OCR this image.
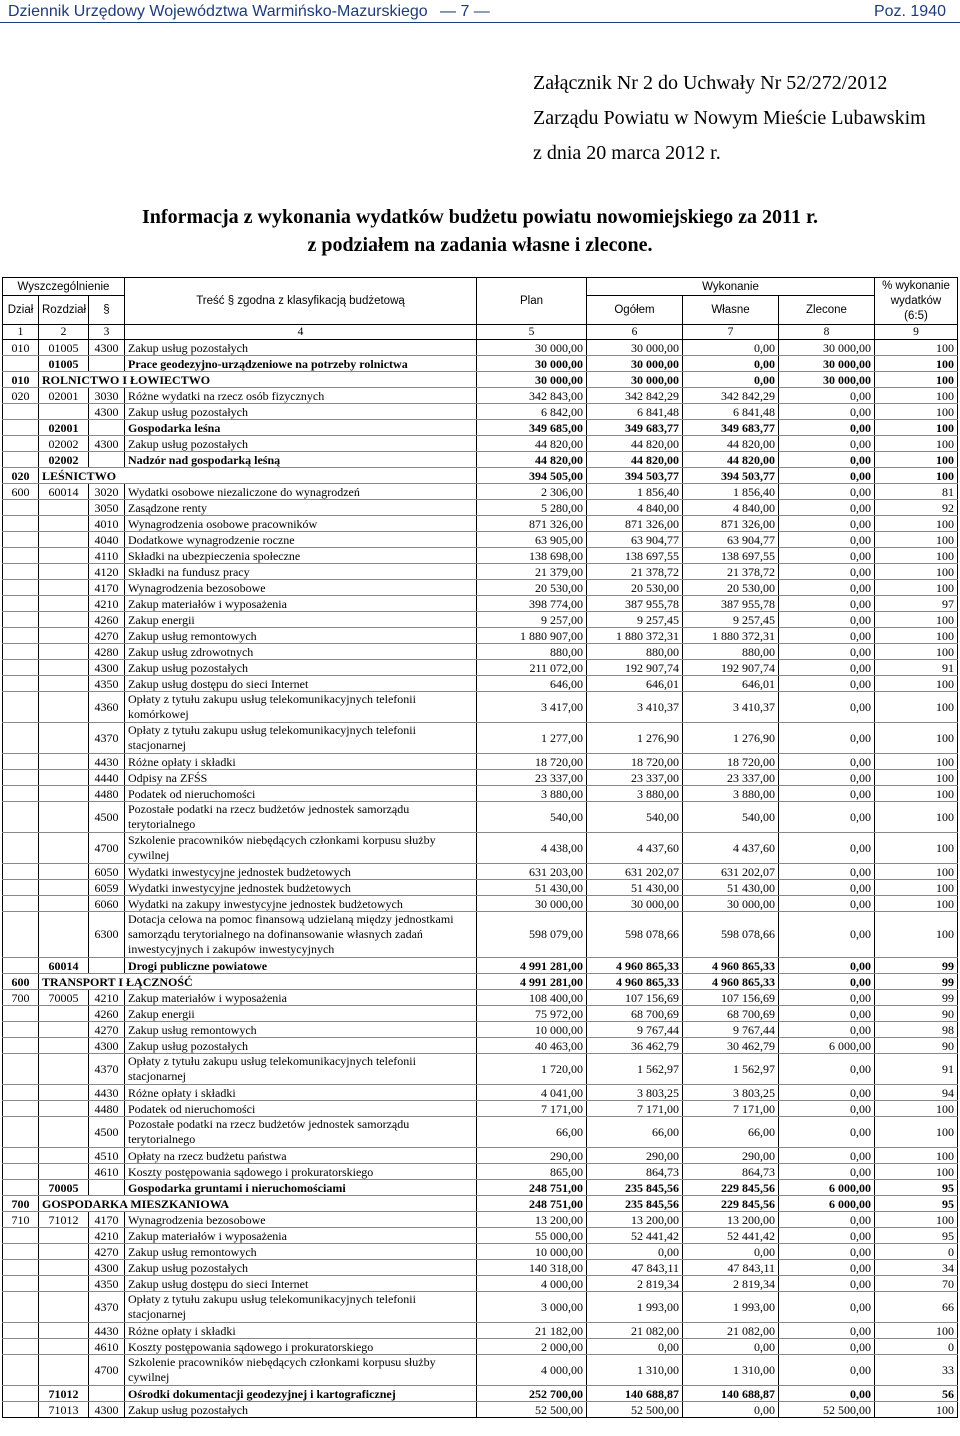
Dziennik Urzędowy Województwa Warmińsko-Mazurskiego — 7 —	Poz. 1940
Załącznik Nr 2 do Uchwały Nr 52/272/2012
Zarządu Powiatu w Nowym Mieście Lubawskim
z dnia 20 marca 2012 r.
Informacja z wykonania wydatków budżetu powiatu nowomiejskiego za 2011 r.
z podziałem na zadania własne i zlecone.
Wyszczególnienie			Treść § zgodna z klasyfikacją budżetową	Plan	Wykonanie			% wykonanie wydatków (6:5)
Dział	Rozdział	§			Ogółem	Własne	Zlecone	
1	2	3	4	5	6	7	8	9
010	01005	4300	Zakup usług pozostałych	30 000,00	30 000,00	0,00	30 000,00	100
	01005		Prace geodezyjno-urządzeniowe na potrzeby rolnictwa	30 000,00	30 000,00	0,00	30 000,00	100
010	ROLNICTWO I ŁOWIECTWO			30 000,00	30 000,00	0,00	30 000,00	100
020	02001	3030	Różne wydatki na rzecz osób fizycznych	342 843,00	342 842,29	342 842,29	0,00	100
		4300	Zakup usług pozostałych	6 842,00	6 841,48	6 841,48	0,00	100
	02001		Gospodarka leśna	349 685,00	349 683,77	349 683,77	0,00	100
	02002	4300	Zakup usług pozostałych	44 820,00	44 820,00	44 820,00	0,00	100
	02002		Nadzór nad gospodarką leśną	44 820,00	44 820,00	44 820,00	0,00	100
020	LEŚNICTWO			394 505,00	394 503,77	394 503,77	0,00	100
600	60014	3020	Wydatki osobowe niezaliczone do wynagrodzeń	2 306,00	1 856,40	1 856,40	0,00	81
		3050	Zasądzone renty	5 280,00	4 840,00	4 840,00	0,00	92
		4010	Wynagrodzenia osobowe pracowników	871 326,00	871 326,00	871 326,00	0,00	100
		4040	Dodatkowe wynagrodzenie roczne	63 905,00	63 904,77	63 904,77	0,00	100
		4110	Składki na ubezpieczenia społeczne	138 698,00	138 697,55	138 697,55	0,00	100
		4120	Składki na fundusz pracy	21 379,00	21 378,72	21 378,72	0,00	100
		4170	Wynagrodzenia bezosobowe	20 530,00	20 530,00	20 530,00	0,00	100
		4210	Zakup materiałów i wyposażenia	398 774,00	387 955,78	387 955,78	0,00	97
		4260	Zakup energii	9 257,00	9 257,45	9 257,45	0,00	100
		4270	Zakup usług remontowych	1 880 907,00	1 880 372,31	1 880 372,31	0,00	100
		4280	Zakup usług zdrowotnych	880,00	880,00	880,00	0,00	100
		4300	Zakup usług pozostałych	211 072,00	192 907,74	192 907,74	0,00	91
		4350	Zakup usług dostępu do sieci Internet	646,00	646,01	646,01	0,00	100
		4360	Opłaty z tytułu zakupu usług telekomunikacyjnych telefonii komórkowej	3 417,00	3 410,37	3 410,37	0,00	100
		4370	Opłaty z tytułu zakupu usług telekomunikacyjnych telefonii stacjonarnej	1 277,00	1 276,90	1 276,90	0,00	100
		4430	Różne opłaty i składki	18 720,00	18 720,00	18 720,00	0,00	100
		4440	Odpisy na ZFŚS	23 337,00	23 337,00	23 337,00	0,00	100
		4480	Podatek od nieruchomości	3 880,00	3 880,00	3 880,00	0,00	100
		4500	Pozostałe podatki na rzecz budżetów jednostek samorządu terytorialnego	540,00	540,00	540,00	0,00	100
		4700	Szkolenie pracowników niebędących członkami korpusu służby cywilnej	4 438,00	4 437,60	4 437,60	0,00	100
		6050	Wydatki inwestycyjne jednostek budżetowych	631 203,00	631 202,07	631 202,07	0,00	100
		6059	Wydatki inwestycyjne jednostek budżetowych	51 430,00	51 430,00	51 430,00	0,00	100
		6060	Wydatki na zakupy inwestycyjne jednostek budżetowych	30 000,00	30 000,00	30 000,00	0,00	100
		6300	Dotacja celowa na pomoc finansową udzielaną między jednostkami samorządu terytorialnego na dofinansowanie własnych zadań inwestycyjnych i zakupów inwestycyjnych	598 079,00	598 078,66	598 078,66	0,00	100
	60014		Drogi publiczne powiatowe	4 991 281,00	4 960 865,33	4 960 865,33	0,00	99
600	TRANSPORT I ŁĄCZNOŚĆ			4 991 281,00	4 960 865,33	4 960 865,33	0,00	99
700	70005	4210	Zakup materiałów i wyposażenia	108 400,00	107 156,69	107 156,69	0,00	99
		4260	Zakup energii	75 972,00	68 700,69	68 700,69	0,00	90
		4270	Zakup usług remontowych	10 000,00	9 767,44	9 767,44	0,00	98
		4300	Zakup usług pozostałych	40 463,00	36 462,79	30 462,79	6 000,00	90
		4370	Opłaty z tytułu zakupu usług telekomunikacyjnych telefonii stacjonarnej	1 720,00	1 562,97	1 562,97	0,00	91
		4430	Różne opłaty i składki	4 041,00	3 803,25	3 803,25	0,00	94
		4480	Podatek od nieruchomości	7 171,00	7 171,00	7 171,00	0,00	100
		4500	Pozostałe podatki na rzecz budżetów jednostek samorządu terytorialnego	66,00	66,00	66,00	0,00	100
		4510	Opłaty na rzecz budżetu państwa	290,00	290,00	290,00	0,00	100
		4610	Koszty postępowania sądowego i prokuratorskiego	865,00	864,73	864,73	0,00	100
	70005		Gospodarka gruntami i nieruchomościami	248 751,00	235 845,56	229 845,56	6 000,00	95
700	GOSPODARKA MIESZKANIOWA			248 751,00	235 845,56	229 845,56	6 000,00	95
710	71012	4170	Wynagrodzenia bezosobowe	13 200,00	13 200,00	13 200,00	0,00	100
		4210	Zakup materiałów i wyposażenia	55 000,00	52 441,42	52 441,42	0,00	95
		4270	Zakup usług remontowych	10 000,00	0,00	0,00	0,00	0
		4300	Zakup usług pozostałych	140 318,00	47 843,11	47 843,11	0,00	34
		4350	Zakup usług dostępu do sieci Internet	4 000,00	2 819,34	2 819,34	0,00	70
		4370	Opłaty z tytułu zakupu usług telekomunikacyjnych telefonii stacjonarnej	3 000,00	1 993,00	1 993,00	0,00	66
		4430	Różne opłaty i składki	21 182,00	21 082,00	21 082,00	0,00	100
		4610	Koszty postępowania sądowego i prokuratorskiego	2 000,00	0,00	0,00	0,00	0
		4700	Szkolenie pracowników niebędących członkami korpusu służby cywilnej	4 000,00	1 310,00	1 310,00	0,00	33
	71012		Ośrodki dokumentacji geodezyjnej i kartograficznej	252 700,00	140 688,87	140 688,87	0,00	56
	71013	4300	Zakup usług pozostałych	52 500,00	52 500,00	0,00	52 500,00	100
